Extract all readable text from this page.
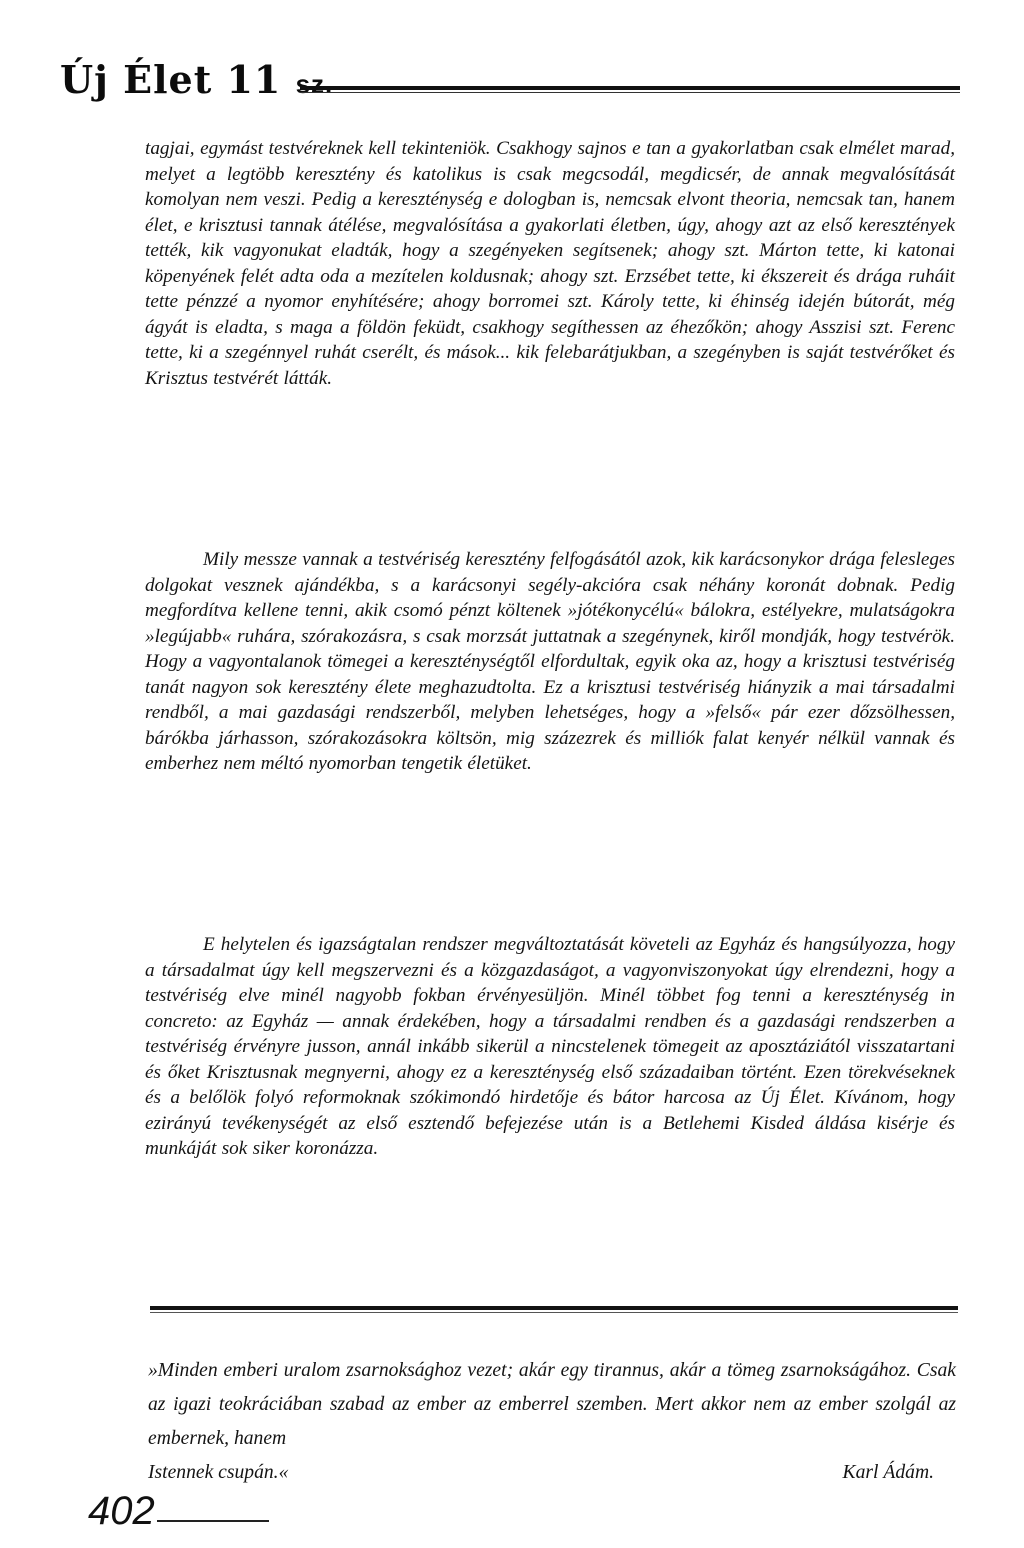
Új Élet 11 sz.

tagjai, egymást testvéreknek kell tekinteniök. Csakhogy sajnos e tan a gyakorlatban csak elmélet marad, melyet a legtöbb keresztény és katolikus is csak megcsodál, megdicsér, de annak megvalósítását komolyan nem veszi. Pedig a kereszténység e dologban is, nemcsak elvont theoria, nemcsak tan, hanem élet, e krisztusi tannak átélése, megvalósítása a gyakorlati életben, úgy, ahogy azt az első keresztények tették, kik vagyonukat eladták, hogy a szegényeken segítsenek; ahogy szt. Márton tette, ki katonai köpenyének felét adta oda a mezítelen koldusnak; ahogy szt. Erzsébet tette, ki ékszereit és drága ruháit tette pénzzé a nyomor enyhítésére; ahogy borromei szt. Károly tette, ki éhinség idején bútorát, még ágyát is eladta, s maga a földön feküdt, csakhogy segíthessen az éhezőkön; ahogy Asszisi szt. Ferenc tette, ki a szegénnyel ruhát cserélt, és mások... kik felebarátjukban, a szegényben is saját testvérőket és Krisztus testvérét látták.

Mily messze vannak a testvériség keresztény felfogásától azok, kik karácsonykor drága felesleges dolgokat vesznek ajándékba, s a karácsonyi segély-akcióra csak néhány koronát dobnak. Pedig megfordítva kellene tenni, akik csomó pénzt költenek »jótékonycélú« bálokra, estélyekre, mulatságokra »legújabb« ruhára, szórakozásra, s csak morzsát juttatnak a szegénynek, kiről mondják, hogy testvérök. Hogy a vagyontalanok tömegei a kereszténységtől elfordultak, egyik oka az, hogy a krisztusi testvériség tanát nagyon sok keresztény élete meghazudtolta. Ez a krisztusi testvériség hiányzik a mai társadalmi rendből, a mai gazdasági rendszerből, melyben lehetséges, hogy a »felső« pár ezer dőzsölhessen, bárókba járhasson, szórakozásokra költsön, mig százezrek és milliók falat kenyér nélkül vannak és emberhez nem méltó nyomorban tengetik életüket.

E helytelen és igazságtalan rendszer megváltoztatását követeli az Egyház és hangsúlyozza, hogy a társadalmat úgy kell megszervezni és a közgazdaságot, a vagyonviszonyokat úgy elrendezni, hogy a testvériség elve minél nagyobb fokban érvényesüljön. Minél többet fog tenni a kereszténység in concreto: az Egyház — annak érdekében, hogy a társadalmi rendben és a gazdasági rendszerben a testvériség érvényre jusson, annál inkább sikerül a nincstelenek tömegeit az aposztáziától visszatartani és őket Krisztusnak megnyerni, ahogy ez a kereszténység első századaiban történt. Ezen törekvéseknek és a belőlök folyó reformoknak szókimondó hirdetője és bátor harcosa az Új Élet. Kívánom, hogy ezirányú tevékenységét az első esztendő befejezése után is a Betlehemi Kisded áldása kisérje és munkáját sok siker koronázza.

»Minden emberi uralom zsarnoksághoz vezet; akár egy tirannus, akár a tömeg zsarnokságához. Csak az igazi teokráciában szabad az ember az emberrel szemben. Mert akkor nem az ember szolgál az embernek, hanem

Istennek csupán.«	Karl Ádám.
402
